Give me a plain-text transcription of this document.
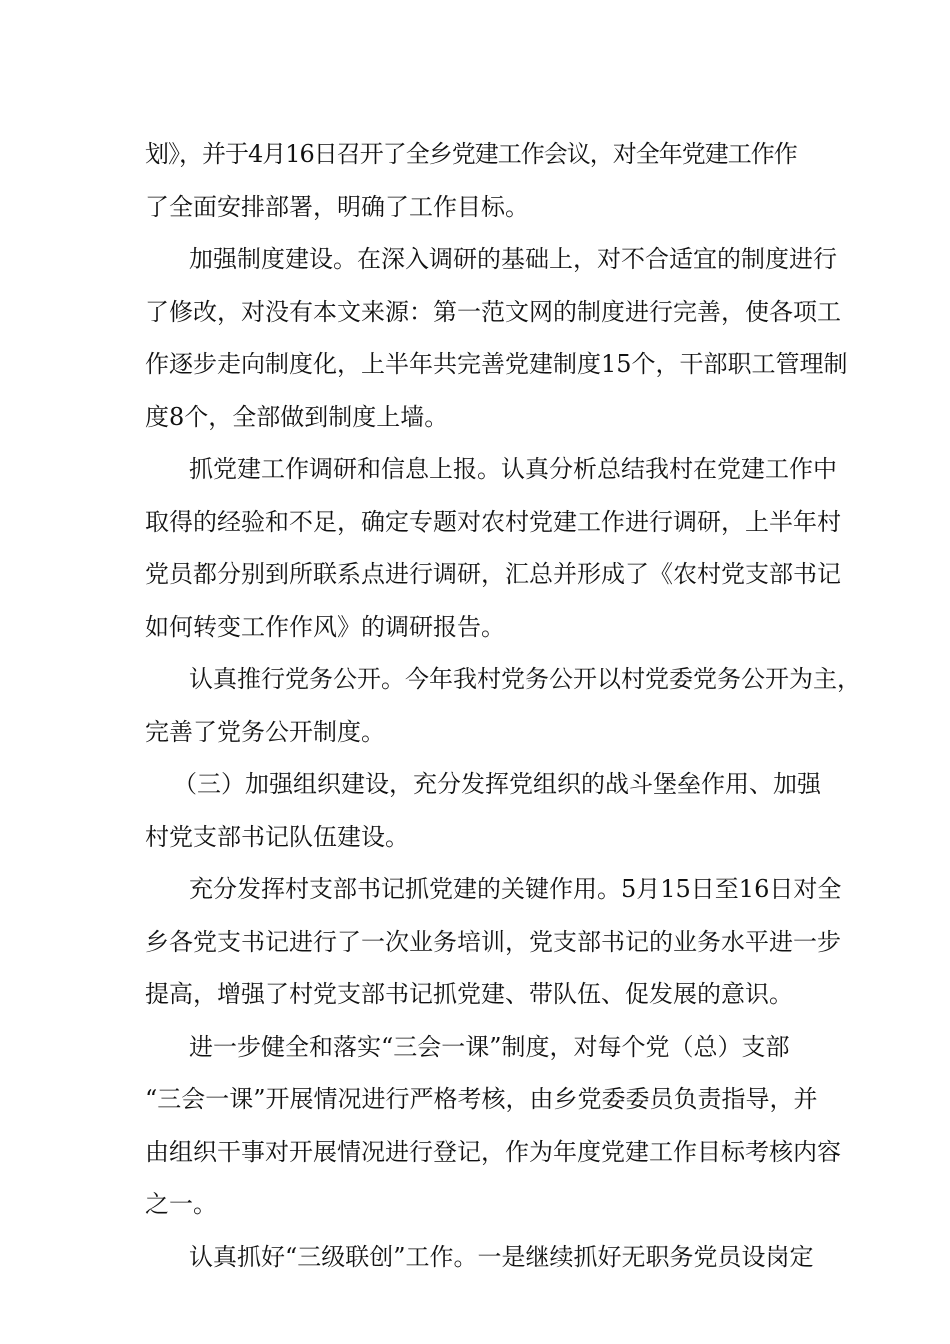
划》，并于4月16日召开了全乡党建工作会议，对全年党建工作作
了全面安排部署，明确了工作目标。
加强制度建设。在深入调研的基础上，对不合适宜的制度进行
了修改，对没有本文来源：第一范文网的制度进行完善，使各项工
作逐步走向制度化，上半年共完善党建制度15个，干部职工管理制
度8个，全部做到制度上墙。
抓党建工作调研和信息上报。认真分析总结我村在党建工作中
取得的经验和不足，确定专题对农村党建工作进行调研，上半年村
党员都分别到所联系点进行调研，汇总并形成了《农村党支部书记
如何转变工作作风》的调研报告。
认真推行党务公开。今年我村党务公开以村党委党务公开为主，
完善了党务公开制度。
（三）加强组织建设，充分发挥党组织的战斗堡垒作用、加强
村党支部书记队伍建设。
充分发挥村支部书记抓党建的关键作用。5月15日至16日对全
乡各党支书记进行了一次业务培训，党支部书记的业务水平进一步
提高，增强了村党支部书记抓党建、带队伍、促发展的意识。
进一步健全和落实“三会一课”制度，对每个党（总）支部
“三会一课”开展情况进行严格考核，由乡党委委员负责指导，并
由组织干事对开展情况进行登记，作为年度党建工作目标考核内容
之一。
认真抓好“三级联创”工作。一是继续抓好无职务党员设岗定
